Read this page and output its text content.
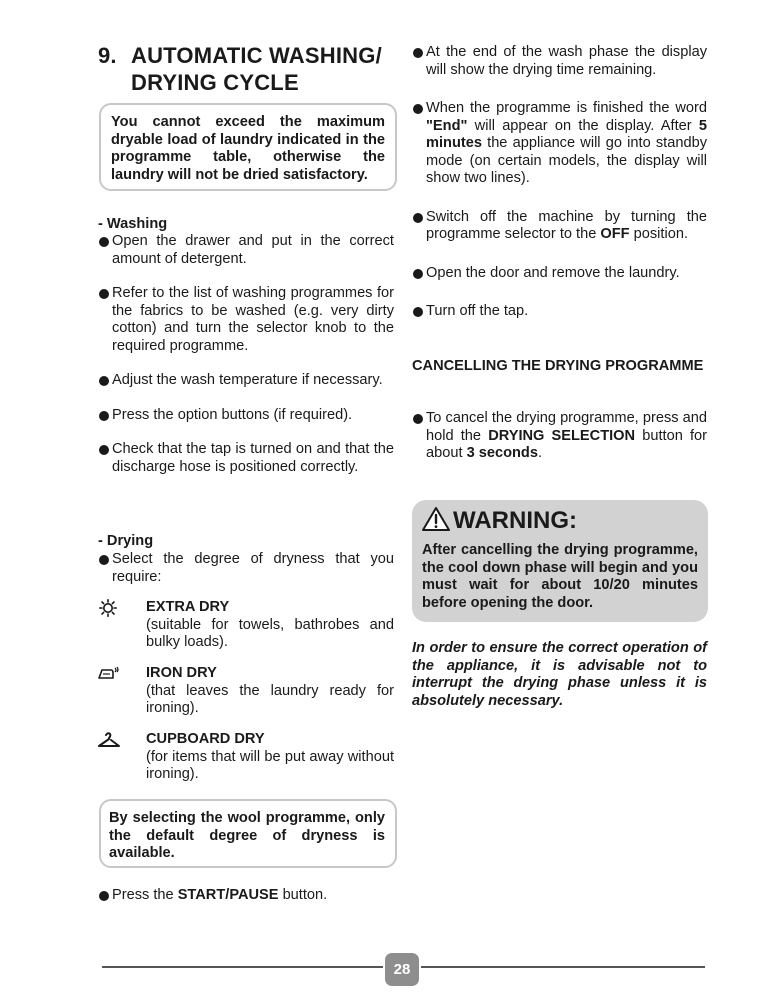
9. AUTOMATIC WASHING/
DRYING CYCLE
You cannot exceed the maximum dryable load of laundry indicated in the programme table, otherwise the laundry will not be dried satisfactory.
- Washing
Open the drawer and put in the correct amount of detergent.
Refer to the list of washing programmes for the fabrics to be washed (e.g. very dirty cotton) and turn the selector knob to the required programme.
Adjust the wash temperature if necessary.
Press the option buttons (if required).
Check that the tap is turned on and that the discharge hose is positioned correctly.
- Drying
Select the degree of dryness that you require:
EXTRA DRY
(suitable for towels, bathrobes and bulky loads).
IRON DRY
(that leaves the laundry ready for ironing).
CUPBOARD DRY
(for items that will be put away without ironing).
By selecting the wool programme, only the default degree of dryness is available.
Press the START/PAUSE button.
At the end of the wash phase the display will show the drying time remaining.
When the programme is finished the word "End" will appear on the display. After 5 minutes the appliance will go into standby mode (on certain models, the display will show two lines).
Switch off the machine by turning the programme selector to the OFF position.
Open the door and remove the laundry.
Turn off the tap.
CANCELLING THE DRYING PROGRAMME
To cancel the drying programme, press and hold the DRYING SELECTION button for about 3 seconds.
WARNING:
After cancelling the drying programme, the cool down phase will begin and you must wait for about 10/20 minutes before opening the door.
In order to ensure the correct operation of the appliance, it is advisable not to interrupt the drying phase unless it is absolutely necessary.
28
